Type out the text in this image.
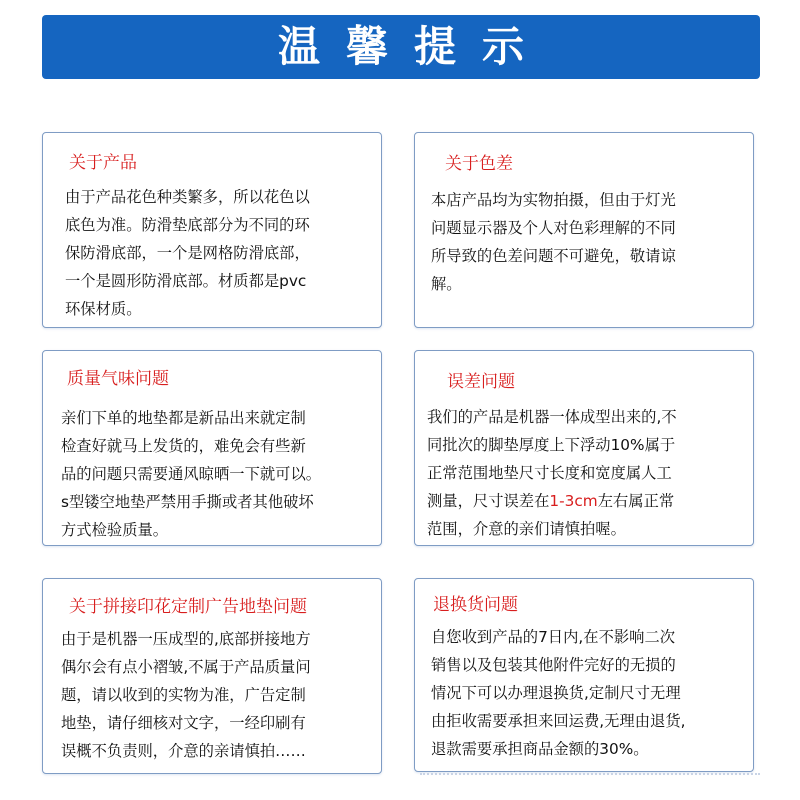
温馨提示
关于产品
由于产品花色种类繁多，所以花色以
底色为准。防滑垫底部分为不同的环
保防滑底部，一个是网格防滑底部，
一个是圆形防滑底部。材质都是pvc
环保材质。
关于色差
本店产品均为实物拍摄，但由于灯光
问题显示器及个人对色彩理解的不同
所导致的色差问题不可避免，敬请谅
解。
质量气味问题
亲们下单的地垫都是新品出来就定制
检查好就马上发货的，难免会有些新
品的问题只需要通风晾晒一下就可以。
s型镂空地垫严禁用手撕或者其他破坏
方式检验质量。
误差问题
我们的产品是机器一体成型出来的,不
同批次的脚垫厚度上下浮动10%属于
正常范围地垫尺寸长度和宽度属人工
测量，尺寸误差在1-3cm左右属正常
范围，介意的亲们请慎拍喔。
关于拼接印花定制广告地垫问题
由于是机器一压成型的,底部拼接地方
偶尔会有点小褶皱,不属于产品质量问
题，请以收到的实物为准，广告定制
地垫，请仔细核对文字，一经印刷有
误概不负责则，介意的亲请慎拍……
退换货问题
自您收到产品的7日内,在不影响二次
销售以及包装其他附件完好的无损的
情况下可以办理退换货,定制尺寸无理
由拒收需要承担来回运费,无理由退货,
退款需要承担商品金额的30%。
